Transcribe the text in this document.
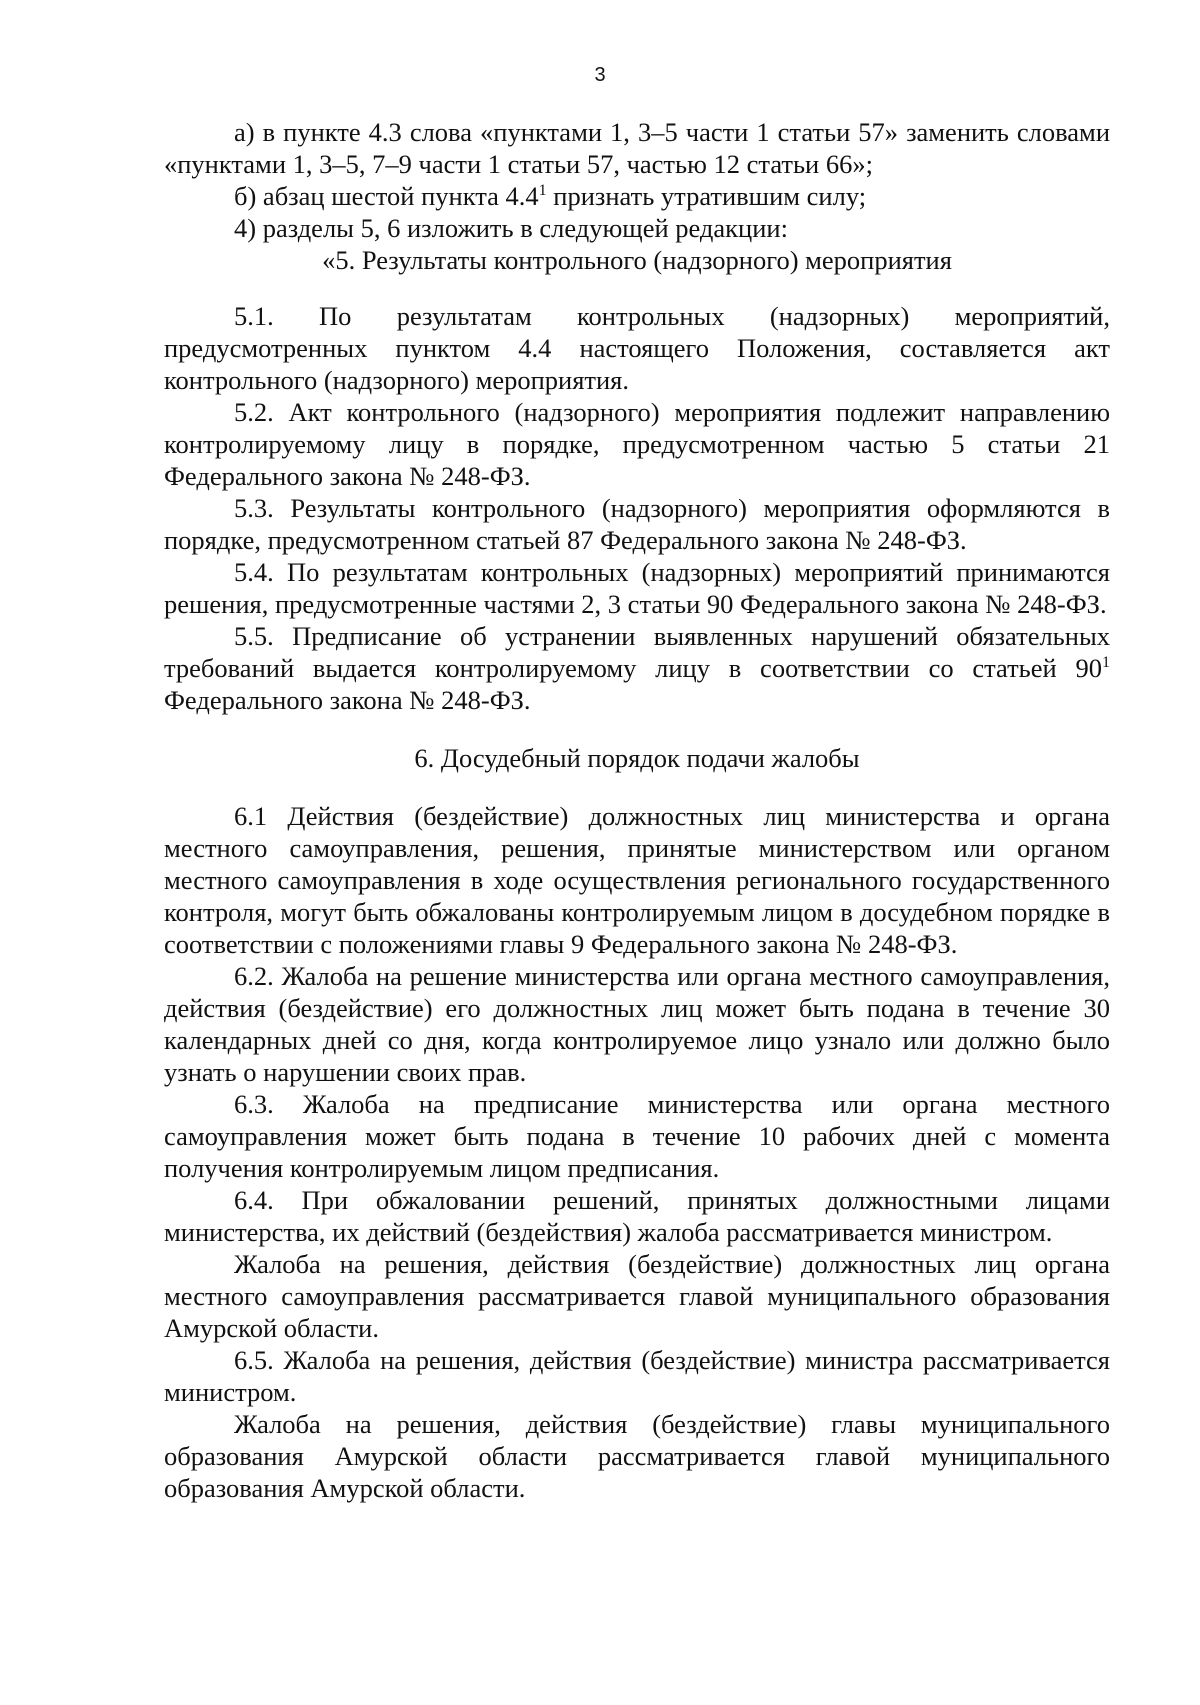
3

а) в пункте 4.3 слова «пунктами 1, 3–5 части 1 статьи 57» заменить словами «пунктами 1, 3–5, 7–9 части 1 статьи 57, частью 12 статьи 66»;

б) абзац шестой пункта $4.4^1$ признать утратившим силу;

4) разделы 5, 6 изложить в следующей редакции:

«5. Результаты контрольного (надзорного) мероприятия

5.1. По результатам контрольных (надзорных) мероприятий, предусмотренных пунктом 4.4 настоящего Положения, составляется акт контрольного (надзорного) мероприятия.

5.2. Акт контрольного (надзорного) мероприятия подлежит направлению контролируемому лицу в порядке, предусмотренном частью 5 статьи 21 Федерального закона № 248-ФЗ.

5.3. Результаты контрольного (надзорного) мероприятия оформляются в порядке, предусмотренном статьей 87 Федерального закона № 248-ФЗ.

5.4. По результатам контрольных (надзорных) мероприятий принимаются решения, предусмотренные частями 2, 3 статьи 90 Федерального закона № 248-ФЗ.

5.5. Предписание об устранении выявленных нарушений обязательных требований выдается контролируемому лицу в соответствии со статьей $90^1$ Федерального закона № 248-ФЗ.

6. Досудебный порядок подачи жалобы

6.1 Действия (бездействие) должностных лиц министерства и органа местного самоуправления, решения, принятые министерством или органом местного самоуправления в ходе осуществления регионального государственного контроля, могут быть обжалованы контролируемым лицом в досудебном порядке в соответствии с положениями главы 9 Федерального закона № 248-ФЗ.

6.2. Жалоба на решение министерства или органа местного самоуправления, действия (бездействие) его должностных лиц может быть подана в течение 30 календарных дней со дня, когда контролируемое лицо узнало или должно было узнать о нарушении своих прав.

6.3. Жалоба на предписание министерства или органа местного самоуправления может быть подана в течение 10 рабочих дней с момента получения контролируемым лицом предписания.

6.4. При обжаловании решений, принятых должностными лицами министерства, их действий (бездействия) жалоба рассматривается министром.

Жалоба на решения, действия (бездействие) должностных лиц органа местного самоуправления рассматривается главой муниципального образования Амурской области.

6.5. Жалоба на решения, действия (бездействие) министра рассматривается министром.

Жалоба на решения, действия (бездействие) главы муниципального образования Амурской области рассматривается главой муниципального образования Амурской области.
